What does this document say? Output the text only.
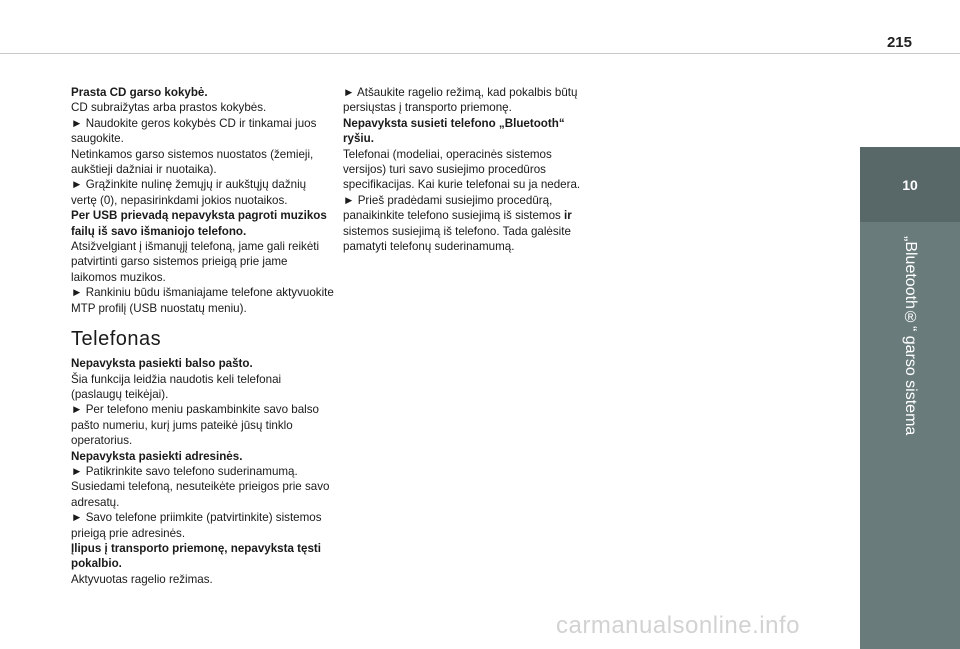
215
10
„Bluetooth®“ garso sistema

Prasta CD garso kokybė.

CD subraižytas arba prastos kokybės.

► Naudokite geros kokybės CD ir tinkamai juos saugokite.

Netinkamos garso sistemos nuostatos (žemieji, aukštieji dažniai ir nuotaika).

► Grąžinkite nulinę žemųjų ir aukštųjų dažnių vertę (0), nepasirinkdami jokios nuotaikos.

Per USB prievadą nepavyksta pagroti muzikos failų iš savo išmaniojo telefono.

Atsižvelgiant į išmanųjį telefoną, jame gali reikėti patvirtinti garso sistemos prieigą prie jame laikomos muzikos.

► Rankiniu būdu išmaniajame telefone aktyvuokite MTP profilį (USB nuostatų meniu).

Telefonas

Nepavyksta pasiekti balso pašto.

Šia funkcija leidžia naudotis keli telefonai (paslaugų teikėjai).

► Per telefono meniu paskambinkite savo balso pašto numeriu, kurį jums pateikė jūsų tinklo operatorius.

Nepavyksta pasiekti adresinės.

► Patikrinkite savo telefono suderinamumą.

Susiedami telefoną, nesuteikėte prieigos prie savo adresatų.

► Savo telefone priimkite (patvirtinkite) sistemos prieigą prie adresinės.

Įlipus į transporto priemonę, nepavyksta tęsti pokalbio.

Aktyvuotas ragelio režimas.

► Atšaukite ragelio režimą, kad pokalbis būtų persiųstas į transporto priemonę.

Nepavyksta susieti telefono „Bluetooth“ ryšiu.

Telefonai (modeliai, operacinės sistemos versijos) turi savo susiejimo procedūros specifikacijas. Kai kurie telefonai su ja nedera.

► Prieš pradėdami susiejimo procedūrą, panaikinkite telefono susiejimą iš sistemos ir sistemos susiejimą iš telefono. Tada galėsite pamatyti telefonų suderinamumą.

carmanualsonline.info
